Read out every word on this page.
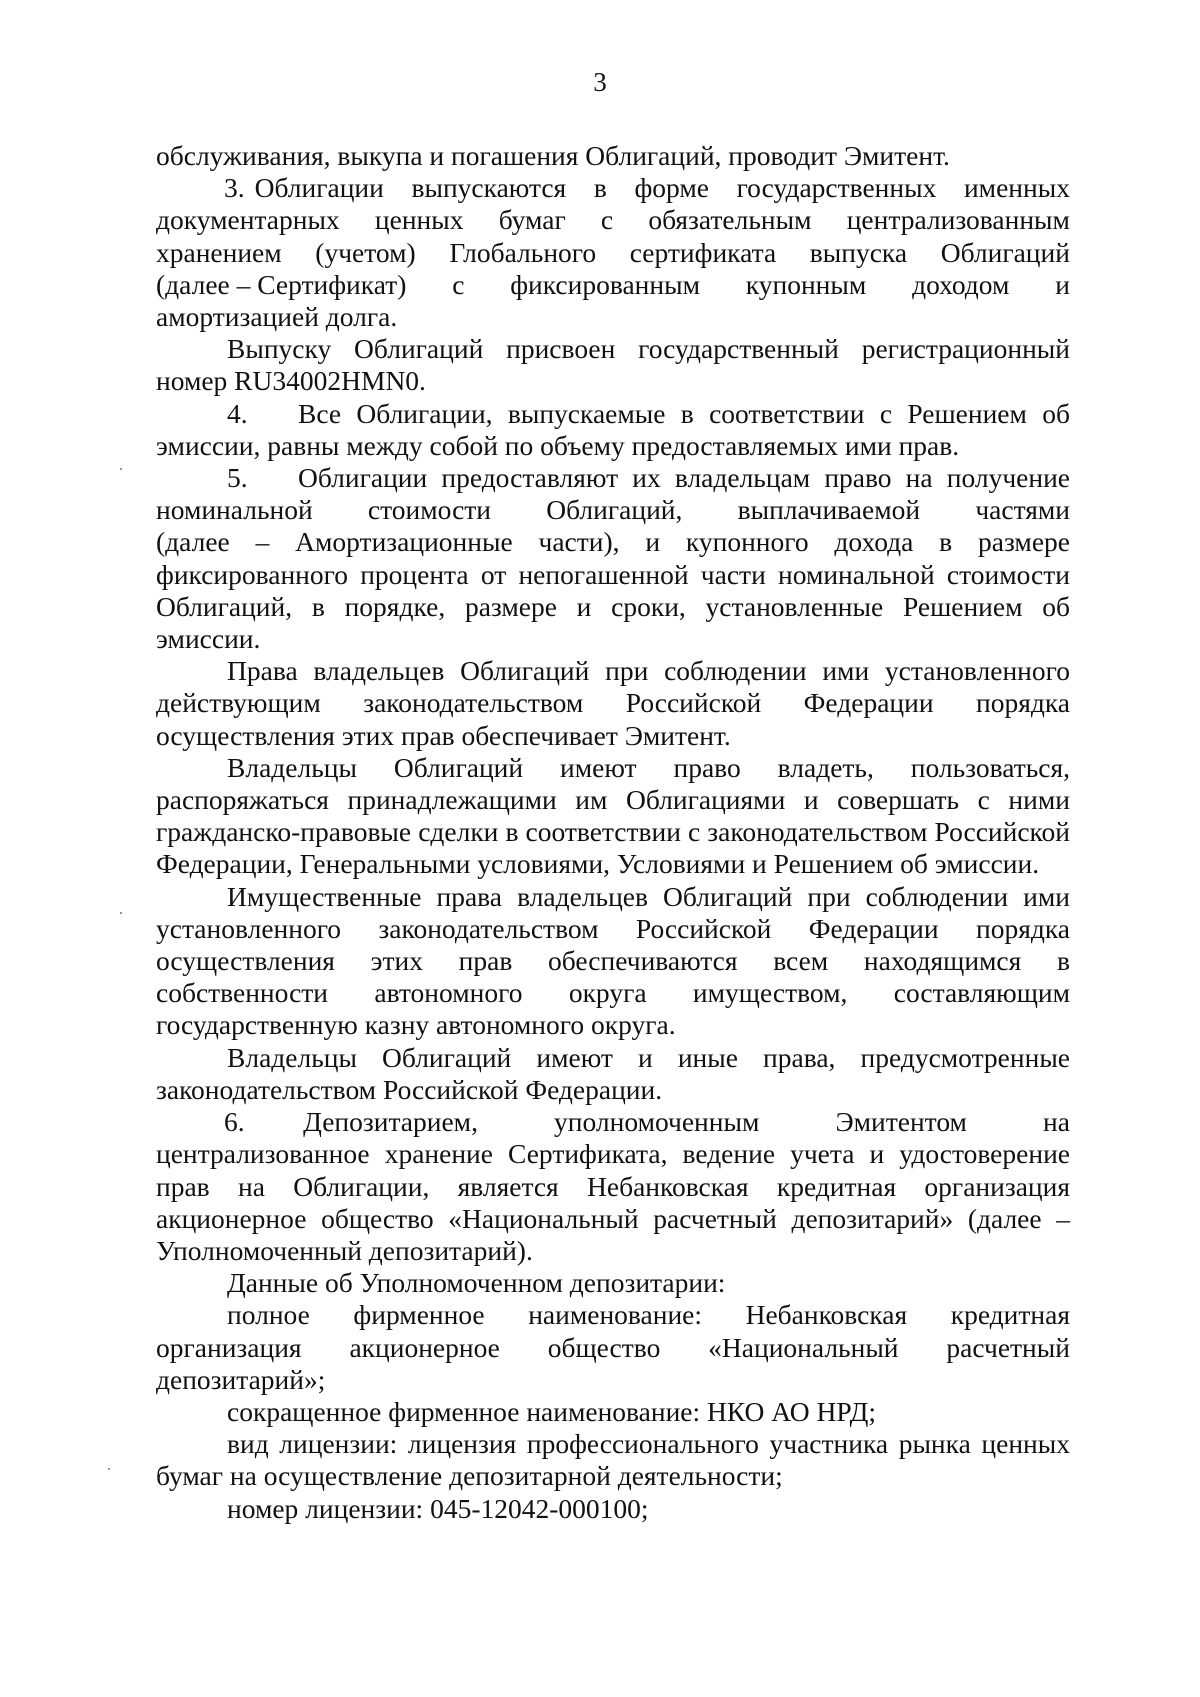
3

обслуживания, выкупа и погашения Облигаций, проводит Эмитент.

3. Облигации выпускаются в форме государственных именных

документарных ценных бумаг с обязательным централизованным

хранением (учетом) Глобального сертификата выпуска Облигаций

(далее – Сертификат) с фиксированным купонным доходом и

амортизацией долга.

Выпуску Облигаций присвоен государственный регистрационный номер RU34002HMN0.

4. Все Облигации, выпускаемые в соответствии с Решением об эмиссии, равны между собой по объему предоставляемых ими прав.

5. Облигации предоставляют их владельцам право на получение

номинальной стоимости Облигаций, выплачиваемой частями

(далее – Амортизационные части), и купонного дохода в размере фиксированного процента от непогашенной части номинальной стоимости Облигаций, в порядке, размере и сроки, установленные Решением об эмиссии.

Права владельцев Облигаций при соблюдении ими установленного действующим законодательством Российской Федерации порядка осуществления этих прав обеспечивает Эмитент.

Владельцы Облигаций имеют право владеть, пользоваться, распоряжаться принадлежащими им Облигациями и совершать с ними гражданско-правовые сделки в соответствии с законодательством Российской Федерации, Генеральными условиями, Условиями и Решением об эмиссии.

Имущественные права владельцев Облигаций при соблюдении ими установленного законодательством Российской Федерации порядка осуществления этих прав обеспечиваются всем находящимся в собственности автономного округа имуществом, составляющим государственную казну автономного округа.

Владельцы Облигаций имеют и иные права, предусмотренные законодательством Российской Федерации.

6. Депозитарием,	уполномоченным	Эмитентом	на

централизованное хранение Сертификата, ведение учета и удостоверение прав на Облигации, является Небанковская кредитная организация акционерное общество «Национальный расчетный депозитарий» (далее – Уполномоченный депозитарий).

Данные об Уполномоченном депозитарии:

полное фирменное наименование: Небанковская кредитная

организация акционерное общество «Национальный расчетный

депозитарий»;

сокращенное фирменное наименование: НКО АО НРД;

вид лицензии: лицензия профессионального участника рынка ценных бумаг на осуществление депозитарной деятельности;

номер лицензии: 045-12042-000100;
